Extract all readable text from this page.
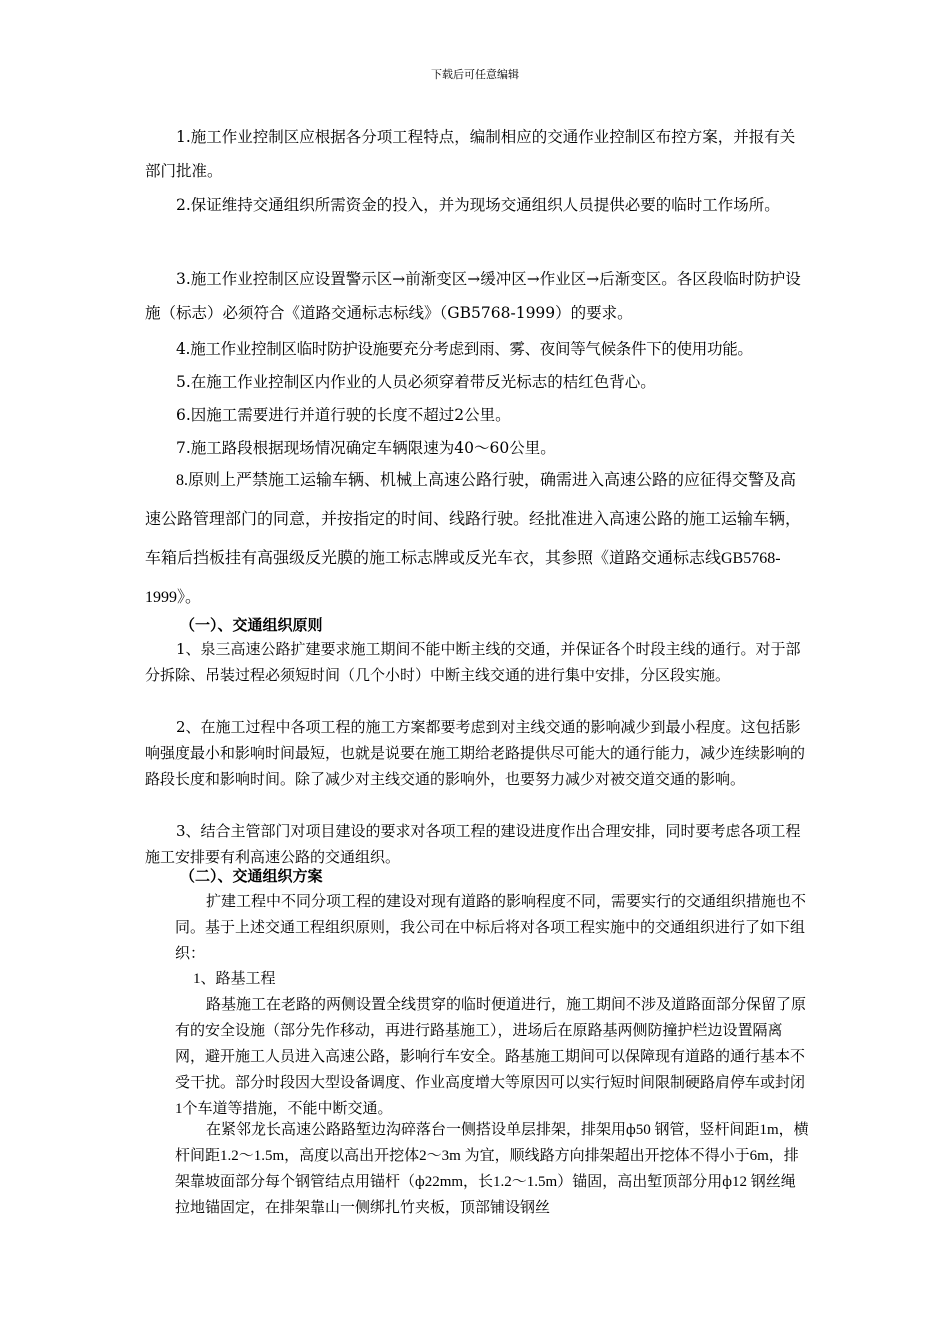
下载后可任意编辑
1.施工作业控制区应根据各分项工程特点，编制相应的交通作业控制区布控方案，并报有关部门批准。
2.保证维持交通组织所需资金的投入，并为现场交通组织人员提供必要的临时工作场所。
3.施工作业控制区应设置警示区→前渐变区→缓冲区→作业区→后渐变区。各区段临时防护设施（标志）必须符合《道路交通标志标线》（GB5768-1999）的要求。
4.施工作业控制区临时防护设施要充分考虑到雨、雾、夜间等气候条件下的使用功能。
5.在施工作业控制区内作业的人员必须穿着带反光标志的桔红色背心。
6.因施工需要进行并道行驶的长度不超过2公里。
7.施工路段根据现场情况确定车辆限速为40～60公里。
8.原则上严禁施工运输车辆、机械上高速公路行驶，确需进入高速公路的应征得交警及高速公路管理部门的同意，并按指定的时间、线路行驶。经批准进入高速公路的施工运输车辆，车箱后挡板挂有高强级反光膜的施工标志牌或反光车衣，其参照《道路交通标志线GB5768-1999》。
（一）、交通组织原则
1、泉三高速公路扩建要求施工期间不能中断主线的交通，并保证各个时段主线的通行。对于部分拆除、吊装过程必须短时间（几个小时）中断主线交通的进行集中安排，分区段实施。
2、在施工过程中各项工程的施工方案都要考虑到对主线交通的影响减少到最小程度。这包括影响强度最小和影响时间最短，也就是说要在施工期给老路提供尽可能大的通行能力，减少连续影响的路段长度和影响时间。除了减少对主线交通的影响外，也要努力减少对被交道交通的影响。
3、结合主管部门对项目建设的要求对各项工程的建设进度作出合理安排，同时要考虑各项工程施工安排要有利高速公路的交通组织。
（二）、交通组织方案
扩建工程中不同分项工程的建设对现有道路的影响程度不同，需要实行的交通组织措施也不同。基于上述交通工程组织原则，我公司在中标后将对各项工程实施中的交通组织进行了如下组织：
1、路基工程
路基施工在老路的两侧设置全线贯穿的临时便道进行，施工期间不涉及道路面部分保留了原有的安全设施（部分先作移动，再进行路基施工），进场后在原路基两侧防撞护栏边设置隔离网，避开施工人员进入高速公路，影响行车安全。路基施工期间可以保障现有道路的通行基本不受干扰。部分时段因大型设备调度、作业高度增大等原因可以实行短时间限制硬路肩停车或封闭1个车道等措施，不能中断交通。
在紧邻龙长高速公路路堑边沟碎落台一侧搭设单层排架，排架用ф50 钢管，竖杆间距1m，横杆间距1.2～1.5m，高度以高出开挖体2～3m 为宜，顺线路方向排架超出开挖体不得小于6m，排架靠坡面部分每个钢管结点用锚杆（ф22mm，长1.2～1.5m）锚固，高出堑顶部分用ф12 钢丝绳拉地锚固定，在排架靠山一侧绑扎竹夹板，顶部铺设钢丝
